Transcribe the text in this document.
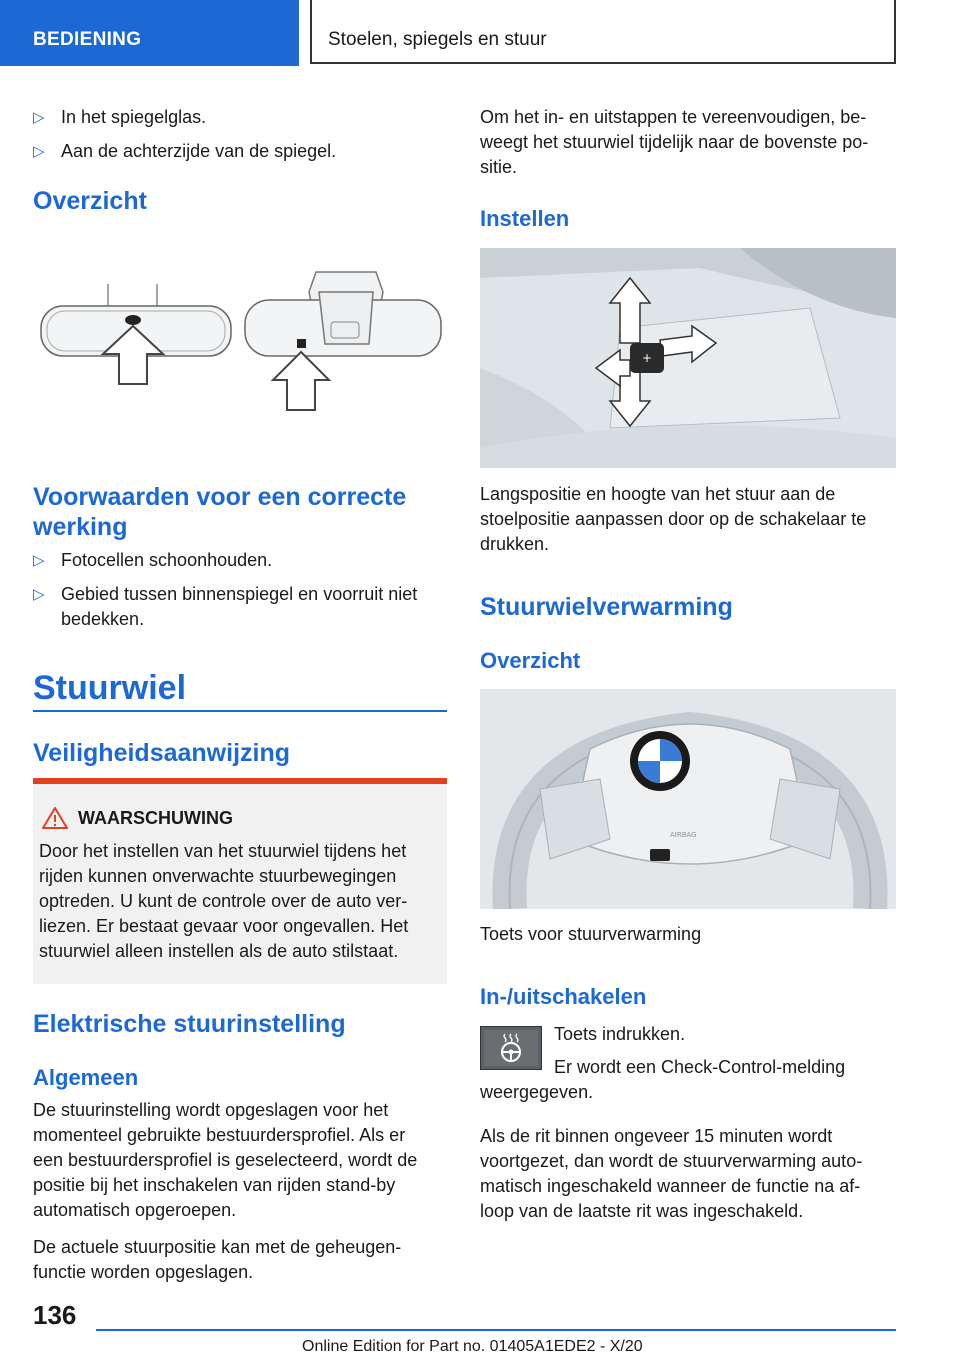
BEDIENING	Stoelen, spiegels en stuur
▷ In het spiegelglas.
▷ Aan de achterzijde van de spiegel.
Overzicht
Voorwaarden voor een correcte
werking
▷ Fotocellen schoonhouden.
▷ Gebied tussen binnenspiegel en voorruit niet
bedekken.
Stuurwiel
Veiligheidsaanwijzing
WAARSCHUWING
Door het instellen van het stuurwiel tijdens het
rijden kunnen onverwachte stuurbewegingen
optreden. U kunt de controle over de auto ver-
liezen. Er bestaat gevaar voor ongevallen. Het
stuurwiel alleen instellen als de auto stilstaat.
Elektrische stuurinstelling
Algemeen
De stuurinstelling wordt opgeslagen voor het
momenteel gebruikte bestuurdersprofiel. Als er
een bestuurdersprofiel is geselecteerd, wordt de
positie bij het inschakelen van rijden stand-by
automatisch opgeroepen.
De actuele stuurpositie kan met de geheugen-
functie worden opgeslagen.
Om het in- en uitstappen te vereenvoudigen, be-
weegt het stuurwiel tijdelijk naar de bovenste po-
sitie.
Instellen
+
Langspositie en hoogte van het stuur aan de
stoelpositie aanpassen door op de schakelaar te
drukken.
Stuurwielverwarming
Overzicht
AIRBAG
Toets voor stuurverwarming
In-/uitschakelen
Toets indrukken.
Er wordt een Check-Control-melding
weergegeven.
Als de rit binnen ongeveer 15 minuten wordt
voortgezet, dan wordt de stuurverwarming auto-
matisch ingeschakeld wanneer de functie na af-
loop van de laatste rit was ingeschakeld.
136
Online Edition for Part no. 01405A1EDE2 - X/20
